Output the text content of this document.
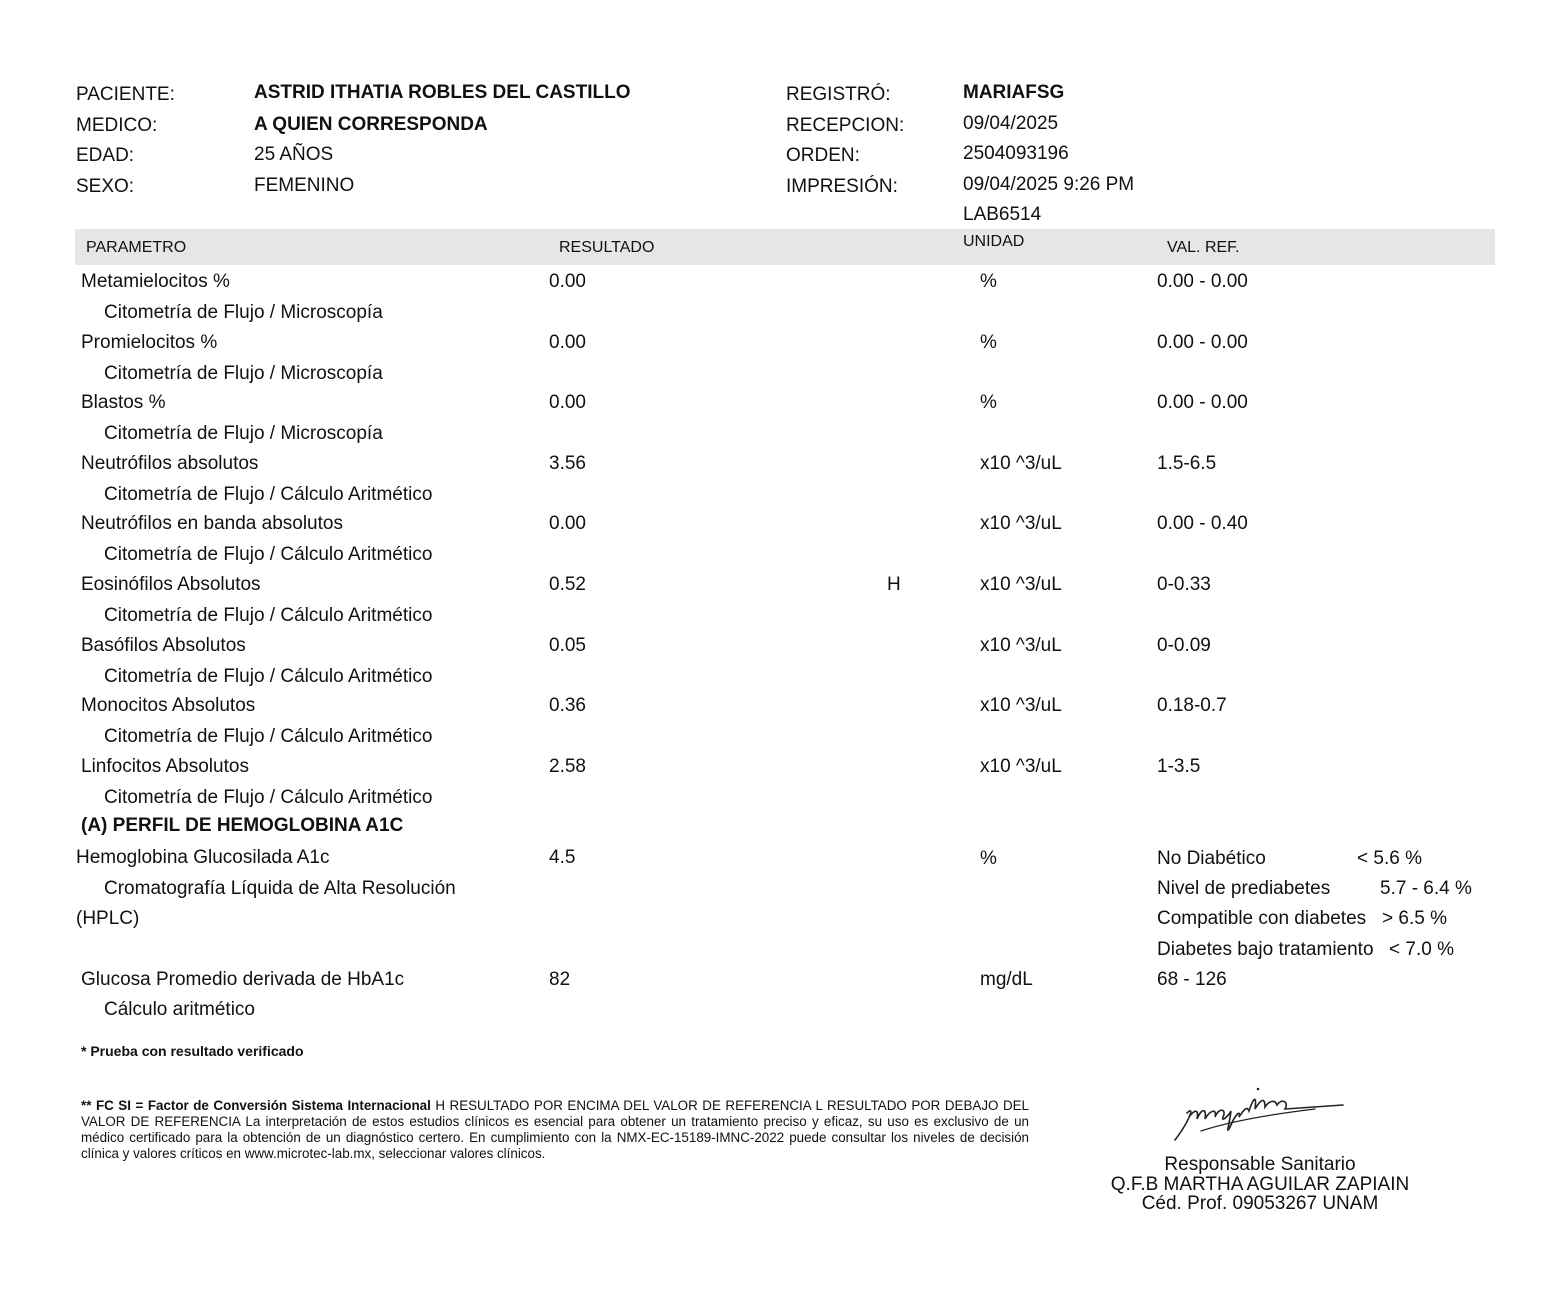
PACIENTE:	ASTRID ITHATIA ROBLES DEL CASTILLO
MEDICO:	A QUIEN CORRESPONDA
EDAD:	25 AÑOS
SEXO:	FEMENINO
REGISTRÓ:	MARIAFSG
RECEPCION:	09/04/2025
ORDEN:	2504093196
IMPRESIÓN:	09/04/2025 9:26 PM
LAB6514
PARAMETRO	RESULTADO	UNIDAD	VAL. REF.
Metamielocitos %
Citometría de Flujo / Microscopía
0.00	%	0.00 - 0.00
Promielocitos %
Citometría de Flujo / Microscopía
0.00	%	0.00 - 0.00
Blastos %
Citometría de Flujo / Microscopía
0.00	%	0.00 - 0.00
Neutrófilos absolutos
Citometría de Flujo / Cálculo Aritmético
3.56	x10 ^3/uL	1.5-6.5
Neutrófilos en banda absolutos
Citometría de Flujo / Cálculo Aritmético
0.00	x10 ^3/uL	0.00 - 0.40
Eosinófilos Absolutos
Citometría de Flujo / Cálculo Aritmético
0.52	H	x10 ^3/uL	0-0.33
Basófilos Absolutos
Citometría de Flujo / Cálculo Aritmético
0.05	x10 ^3/uL	0-0.09
Monocitos Absolutos
Citometría de Flujo / Cálculo Aritmético
0.36	x10 ^3/uL	0.18-0.7
Linfocitos Absolutos
Citometría de Flujo / Cálculo Aritmético
2.58	x10 ^3/uL	1-3.5
(A) PERFIL DE HEMOGLOBINA A1C
Hemoglobina Glucosilada A1c
Cromatografía Líquida de Alta Resolución
(HPLC)
4.5	%	No Diabético	< 5.6 %
Nivel de prediabetes	5.7 - 6.4 %
Compatible con diabetes > 6.5 %
Diabetes bajo tratamiento < 7.0 %
Glucosa Promedio derivada de HbA1c
Cálculo aritmético
82	mg/dL	68 - 126
* Prueba con resultado verificado
** FC SI = Factor de Conversión Sistema Internacional H RESULTADO POR ENCIMA DEL VALOR DE REFERENCIA L RESULTADO POR DEBAJO DEL VALOR DE REFERENCIA La interpretación de estos estudios clínicos es esencial para obtener un tratamiento preciso y eficaz, su uso es exclusivo de un médico certificado para la obtención de un diagnóstico certero. En cumplimiento con la NMX-EC-15189-IMNC-2022 puede consultar los niveles de decisión clínica y valores críticos en www.microtec-lab.mx, seleccionar valores clínicos.
Responsable Sanitario
Q.F.B MARTHA AGUILAR ZAPIAIN
Céd. Prof. 09053267 UNAM
